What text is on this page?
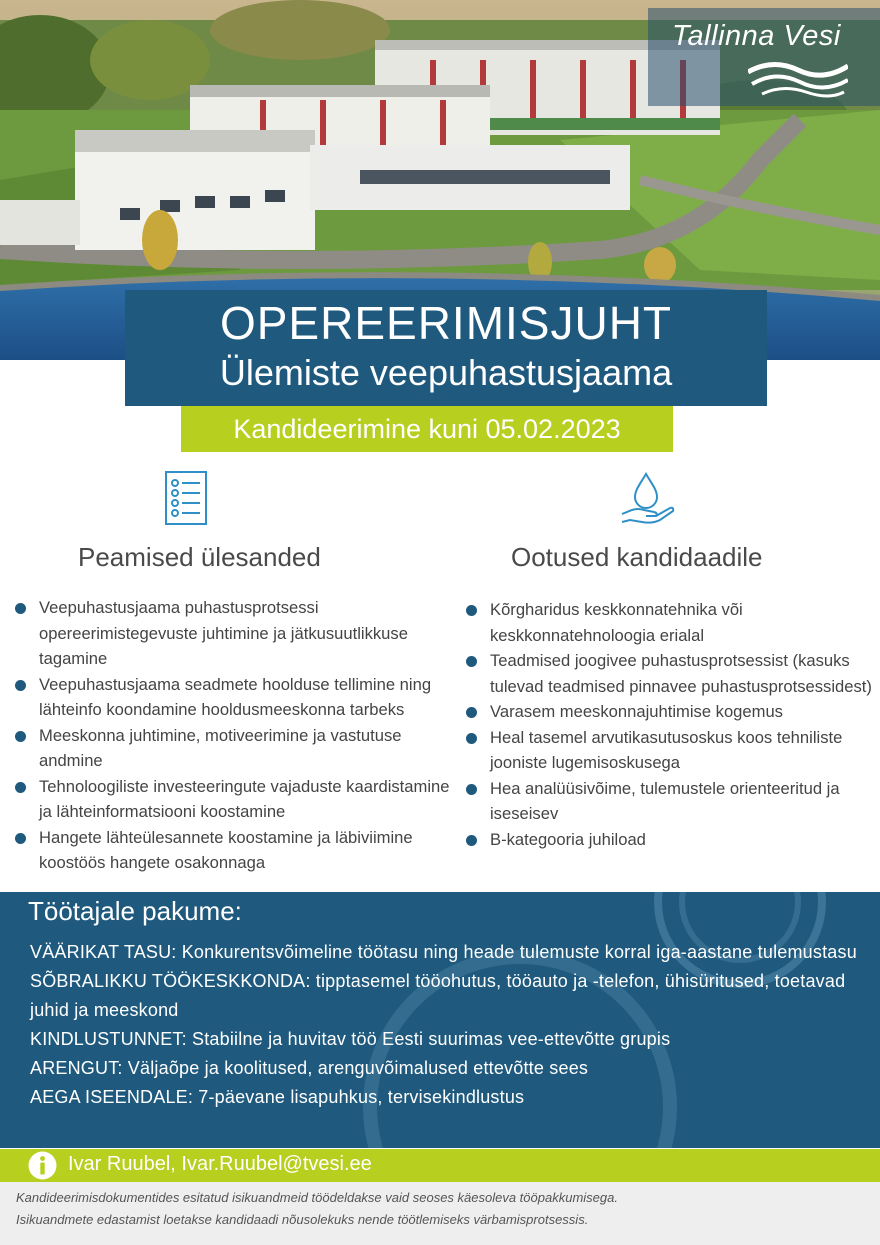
Tallinna Vesi
OPEREERIMISJUHT
Ülemiste veepuhastusjaama
Kandideerimine kuni 05.02.2023
Peamised ülesanded
Veepuhastusjaama puhastusprotsessi opereerimistegevuste juhtimine ja jätkusuutlikkuse tagamine
Veepuhastusjaama seadmete hoolduse tellimine ning lähteinfo koondamine hooldusmeeskonna tarbeks
Meeskonna juhtimine, motiveerimine ja vastutuse andmine
Tehnoloogiliste investeeringute vajaduste kaardistamine ja lähteinformatsiooni koostamine
Hangete lähteülesannete koostamine ja läbiviimine koostöös hangete osakonnaga
Ootused kandidaadile
Kõrgharidus keskkonnatehnika või keskkonnatehnoloogia erialal
Teadmised joogivee puhastusprotsessist (kasuks tulevad teadmised pinnavee puhastusprotsessidest)
Varasem meeskonnajuhtimise kogemus
Heal tasemel arvutikasutusoskus koos tehniliste joonistе lugemisoskusega
Hea analüüsivõime, tulemustele orienteeritud ja iseseisev
B-kategooria juhiload
Töötajale pakume:
VÄÄRIKAT TASU: Konkurentsvõimeline töötasu ning heade tulemuste korral iga-aastane tulemustasu
SÕBRALIKKU TÖÖKESKKONDA: tipptasemel tööohutus, tööauto ja -telefon, ühisüritused, toetavad juhid ja meeskond
KINDLUSTUNNET: Stabiilne ja huvitav töö Eesti suurimas vee-ettevõtte grupis
ARENGUT: Väljaõpe ja koolitused, arenguvõimalused ettevõtte sees
AEGA ISEENDALE: 7-päevane lisapuhkus, tervisekindlustus
Ivar Ruubel, Ivar.Ruubel@tvesi.ee
Kandideerimisdokumentides esitatud isikuandmeid töödeldakse vaid seoses käesoleva tööpakkumisega.
Isikuandmete edastamist loetakse kandidaadi nõusolekuks nende töötlemiseks värbamisprotsessis.
